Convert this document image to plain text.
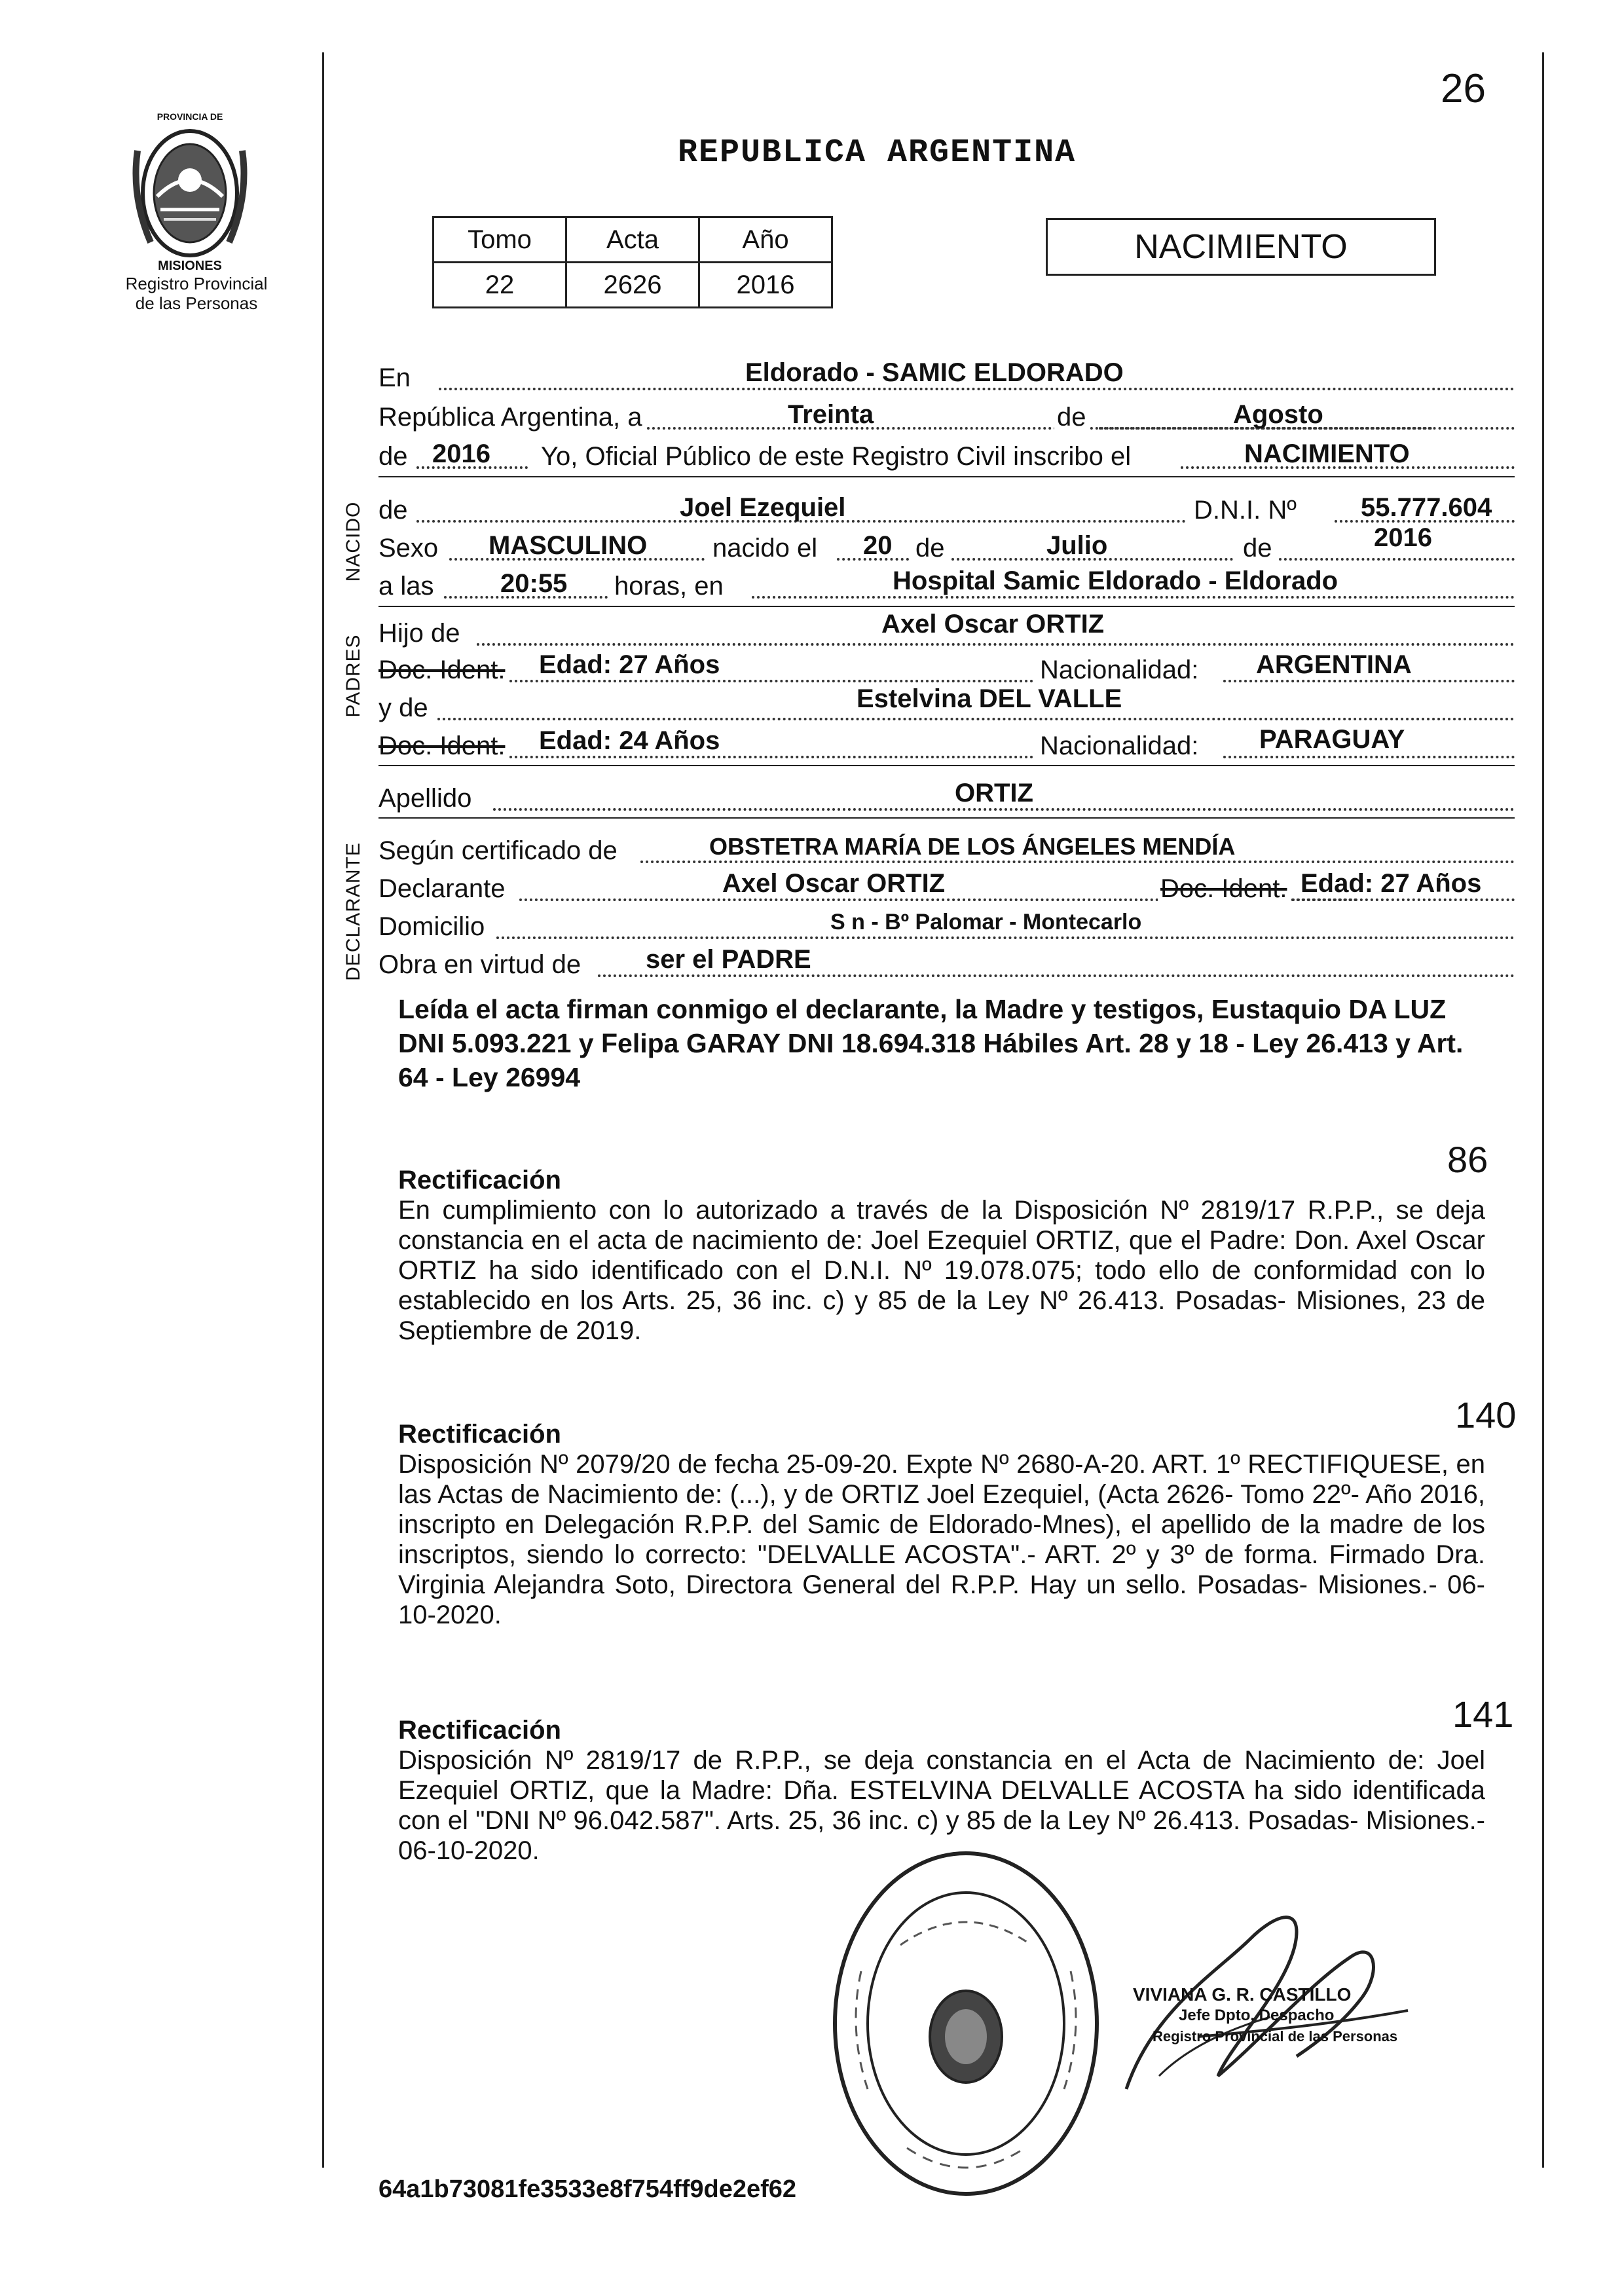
PROVINCIA DE
MISIONES
Registro Provincial
de las Personas
26
REPUBLICA ARGENTINA
Tomo	Acta	Año
22	2626	2016
NACIMIENTO
En	Eldorado - SAMIC ELDORADO
República Argentina, a	Treinta	de	Agosto
de 2016 Yo, Oficial Público de este Registro Civil inscribo el	NACIMIENTO
NACIDO de	Joel Ezequiel	D.N.I. Nº 55.777.604
Sexo MASCULINO nacido el 20 de	Julio	de	2016
a las	20:55 horas, en	Hospital Samic Eldorado - Eldorado
PADRES
Hijo de	Axel Oscar ORTIZ
Doc. Ident. Edad: 27 Años	Nacionalidad: ARGENTINA
y de	Estelvina DEL VALLE
Doc. Ident. Edad: 24 Años	Nacionalidad: PARAGUAY
Apellido	ORTIZ
DECLARANTE Según certificado de	OBSTETRA MARÍA DE LOS ÁNGELES MENDÍA
Declarante	Axel Oscar ORTIZ	Doc. Ident. Edad: 27 Años
Domicilio	S n - Bº Palomar - Montecarlo
Obra en virtud de ser el PADRE
Leída el acta firman conmigo el declarante, la Madre y testigos, Eustaquio DA LUZ DNI 5.093.221 y Felipa GARAY DNI 18.694.318 Hábiles Art. 28 y 18 - Ley 26.413 y Art. 64 - Ley 26994
86
Rectificación
En cumplimiento con lo autorizado a través de la Disposición Nº 2819/17 R.P.P., se deja constancia en el acta de nacimiento de: Joel Ezequiel ORTIZ, que el Padre: Don. Axel Oscar ORTIZ ha sido identificado con el D.N.I. Nº 19.078.075; todo ello de conformidad con lo establecido en los Arts. 25, 36 inc. c) y 85 de la Ley Nº 26.413. Posadas- Misiones, 23 de Septiembre de 2019.
140
Rectificación
Disposición Nº 2079/20 de fecha 25-09-20. Expte Nº 2680-A-20. ART. 1º RECTIFIQUESE, en las Actas de Nacimiento de: (...), y de ORTIZ Joel Ezequiel, (Acta 2626- Tomo 22º- Año 2016, inscripto en Delegación R.P.P. del Samic de Eldorado-Mnes), el apellido de la madre de los inscriptos, siendo lo correcto: "DELVALLE ACOSTA".- ART. 2º y 3º de forma. Firmado Dra. Virginia Alejandra Soto, Directora General del R.P.P. Hay un sello. Posadas- Misiones.- 06-10-2020.
141
Rectificación
Disposición Nº 2819/17 de R.P.P., se deja constancia en el Acta de Nacimiento de: Joel Ezequiel ORTIZ, que la Madre: Dña. ESTELVINA DELVALLE ACOSTA ha sido identificada con el "DNI Nº 96.042.587". Arts. 25, 36 inc. c) y 85 de la Ley Nº 26.413. Posadas- Misiones.- 06-10-2020.
VIVIANA G. R. CASTILLO
Jefe Dpto. Despacho
Registro Provincial de las Personas
64a1b73081fe3533e8f754ff9de2ef62
